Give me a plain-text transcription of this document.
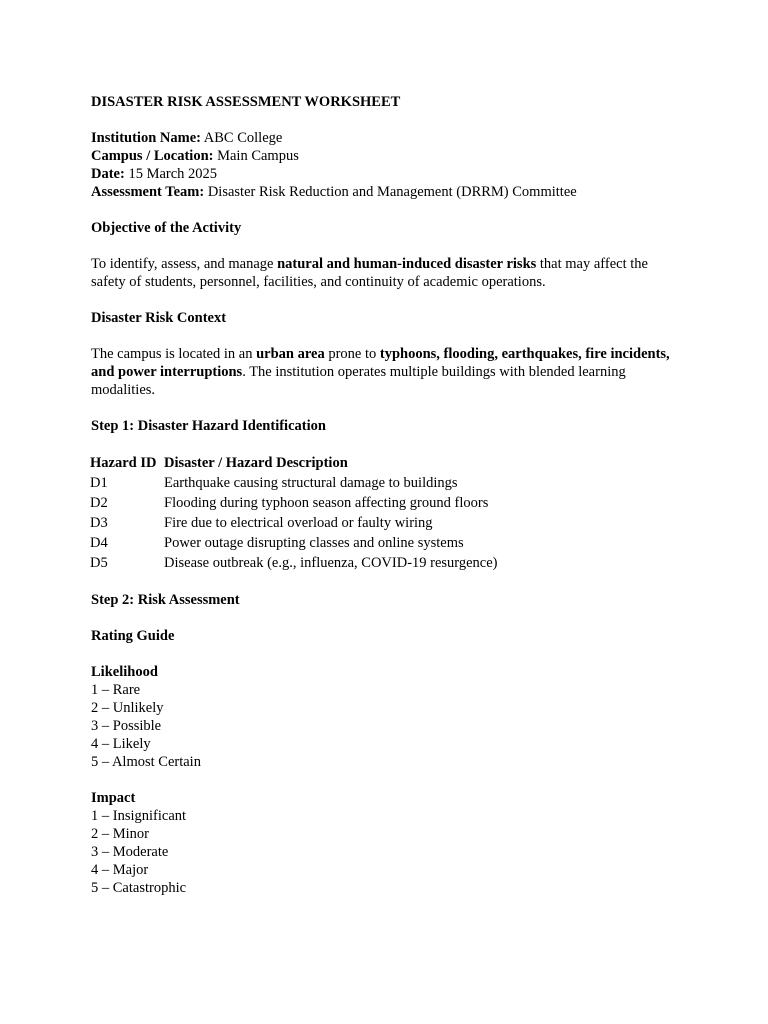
DISASTER RISK ASSESSMENT WORKSHEET
Institution Name: ABC College
Campus / Location: Main Campus
Date: 15 March 2025
Assessment Team: Disaster Risk Reduction and Management (DRRM) Committee
Objective of the Activity
To identify, assess, and manage natural and human-induced disaster risks that may affect the safety of students, personnel, facilities, and continuity of academic operations.
Disaster Risk Context
The campus is located in an urban area prone to typhoons, flooding, earthquakes, fire incidents, and power interruptions. The institution operates multiple buildings with blended learning modalities.
Step 1: Disaster Hazard Identification
Hazard ID	Disaster / Hazard Description
D1	Earthquake causing structural damage to buildings
D2	Flooding during typhoon season affecting ground floors
D3	Fire due to electrical overload or faulty wiring
D4	Power outage disrupting classes and online systems
D5	Disease outbreak (e.g., influenza, COVID-19 resurgence)
Step 2: Risk Assessment
Rating Guide
Likelihood
1 – Rare
2 – Unlikely
3 – Possible
4 – Likely
5 – Almost Certain
Impact
1 – Insignificant
2 – Minor
3 – Moderate
4 – Major
5 – Catastrophic
